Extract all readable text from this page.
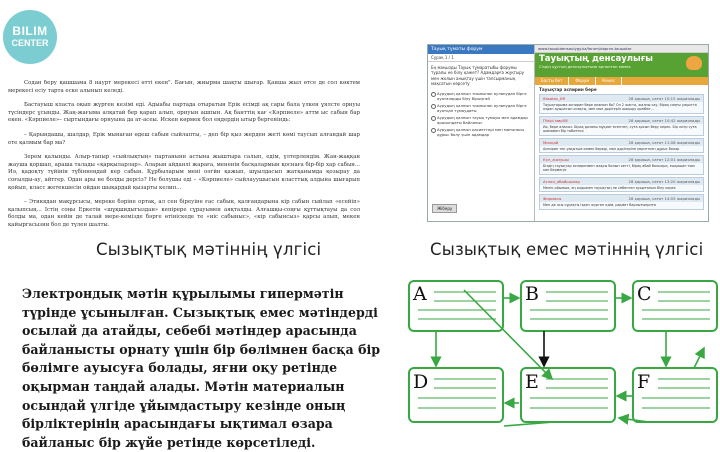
BILIM
CENTER

Содан беру қашшама 8 наурт мерекесі өтті екен". Бағын, жиырма шақты шығар. Қанша жыл өтсе де сол көктем мерекесі есіу тарта еске алынып келеді.

Бастауыш класта оқып жүрген кезімі еді. Адыабы партада отыратын Ерік есімді ақ сары бала үлкен ұялсте орнуы түсіндерс ұсынды. Жаң-жағыма алқатай бер қарап алып, орнуын ашпын. Ақ банттің кағ «Кәрпиеле» аттм ыс сабын бар екен. «Кәрпиеле»– сыртындағы орнуына да ат-асеы. Искен көрмек бол еңдердің ытыр бергеніндь:

– Қарындашы, шалдар, Ерік мынаған өдеш сабын сыйлапты, – деп бір қыз жерден жеті көмі таусып алғандай шар ете қалмым бар ма?

Зерем қалынды. Алыр-тапыр «сыйлықтың» партанынн астына жыштыра салып, едім, үлтерлендім. Жан-жаққан жауша қоршап, араша талады «қарқыларлар». Аларын айданлі жараға, мененін басқалармын қоснаға бір-бір хар сабын... Иә, қадоқту түйінін түбіннеңдай кер сабын. Құрбыларым мені оәгйн қажып, шұылдасып жатқанымда қозырау да соғылды-ау, айтгер. Одан ары не болды дерсіз? Не болушы еді – «Кәрпиеле» сыйлауушысын класттық алдына шығарып қойып, класс жетекшесін ойдан шықардай қызарты келип...

– Этиквдан мақұрсысы, мереке бәріне ортақ, ал сен біреуіне ғас сабын, қалғандарына кір сабын сыйлап «есейіп» қалыпсың... Істің соңы Еркетін «шұқшидыгыздан» кепірере сұрауымен аяқталды. Алғашқы-соңғы құттықтауы да сол болды ма, одан кейін де талай мере-кемізде бәрге өтініскеде те «иіс сабыныс», «кір сабынсыз» қарсы алып, мекен қайыргасызни бол де түлен шалты.

Тауық тұматы форум
Сұрақ 1 / 1
Ең маңызды Тауық тұмаратыбы форумы туралы не білу қажет? Адамдарға жұқтыру мен жолын анықтау үшін тапсырманың мақсатын көрсету
Аурудың қалпын тиынынан ауланудан бірге ауаталарды білу бірыңгай
Аурудың қалпын тиынынан ауланудан бірге ауатқан тұмаудағы
Аурудың қалпын тауық тұмауы мен адамдар арасындағы байланыс
Аурудың қалпын қасиеттері мен мағынасы дұрыс болу үшін адамдар
Жіберу
www.tauыkdensaulygy.kz/forum/daprzn-tauыкtar
Тауықтың денсаулығы
Сіздің құстың денсаулығына арналған көмек
Басты бет	Форум	Кеңес
Тауықтар аспирин бере
Ifasatov_KR	28 қараша, сағат 10:15 жариялады
Тауықтарыма аспирин бере аламын ба? Ол 2 жаста, жалпы сау, бірақ соңғы уақытта аздап ауыратын сияқты, мен мал дәрігерін шақыру қымбат...
Пілірі мир58	28 қараша, сағат 10:42 жариялады
Иә, бере аласыз. Бірақ дозаны мұқият есептеп, суға қосып беру керек. Бір литр суға шамамен бір таблетка
Милқай	28 қараша, сағат 11:08 жариялады
Аспирин тек уақытша көмек береді, мал дәрігеріне көрсеткен дұрыс болар
Күл_жазушы	28 қараша, сағат 12:01 жариялады
Біздің тауықтар аспиринмен жақсы болып кетті, бірақ абай болыңыз, ешқашан тым көп бермеңіз
Аслан_абайшылар	28 қараша, сағат 13:20 жариялады
Менің ойымша, ең алдымен тауықтың не себептен ауырғанын білу керек
Фирмасы	28 қараша, сағат 14:05 жариялады
Мен де осы сұрақты іздеп жүрген едім, рақмет барлығыңызға
Сызықтық мәтіннің үлгісі	Сызықтық емес мәтіннің үлгісі
Электрондық мәтін құрылымы гипермәтін түрінде ұсынылған. Сызықтық емес мәтіндерді осылай да атайды, себебі мәтіндер арасында байланысты орнату үшін бір бөлімнен басқа бір бөлімге ауысуға болады, яғни оқу ретінде оқырман таңдай алады. Мәтін материалын осындай үлгіде ұйымдастыру кезінде оның бірліктерінің арасындағы ықтимал өзара байланыс бір жүйе ретінде көрсетіледі.
A	B	C
D	E	F
